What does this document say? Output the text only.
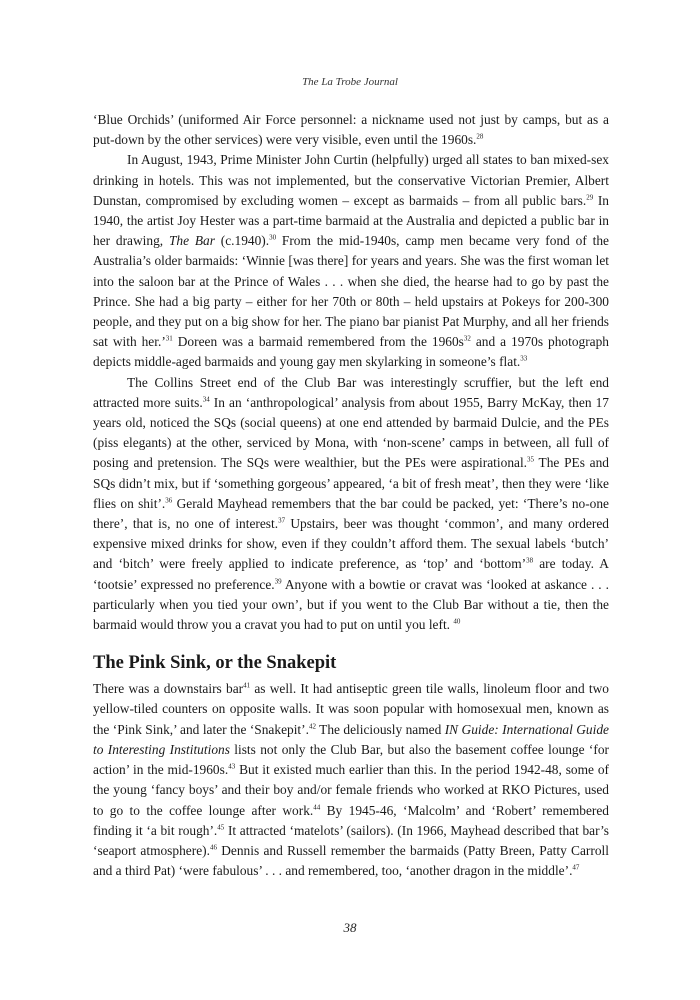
The La Trobe Journal

‘Blue Orchids’ (uniformed Air Force personnel: a nickname used not just by camps, but as a put-down by the other services) were very visible, even until the 1960s.$^{28}$

In August, 1943, Prime Minister John Curtin (helpfully) urged all states to ban mixed-sex drinking in hotels. This was not implemented, but the conservative Victorian Premier, Albert Dunstan, compromised by excluding women – except as barmaids – from all public bars.$^{29}$ In 1940, the artist Joy Hester was a part-time barmaid at the Australia and depicted a public bar in her drawing, The Bar (c.1940).$^{30}$ From the mid-1940s, camp men became very fond of the Australia’s older barmaids: ‘Winnie [was there] for years and years. She was the first woman let into the saloon bar at the Prince of Wales . . . when she died, the hearse had to go by past the Prince. She had a big party – either for her 70th or 80th – held upstairs at Pokeys for 200-300 people, and they put on a big show for her. The piano bar pianist Pat Murphy, and all her friends sat with her.’$^{31}$ Doreen was a barmaid remembered from the $1960s^{32}$ and a 1970s photograph depicts middle-aged barmaids and young gay men skylarking in someone’s flat.$^{33}$

The Collins Street end of the Club Bar was interestingly scruffier, but the left end attracted more suits.$^{34}$ In an ‘anthropological’ analysis from about 1955, Barry McKay, then 17 years old, noticed the SQs (social queens) at one end attended by barmaid Dulcie, and the PEs (piss elegants) at the other, serviced by Mona, with ‘non-scene’ camps in between, all full of posing and pretension. The SQs were wealthier, but the PEs were aspirational.$^{35}$ The PEs and SQs didn’t mix, but if ‘something gorgeous’ appeared, ‘a bit of fresh meat’, then they were ‘like flies on shit’.$^{36}$ Gerald Mayhead remembers that the bar could be packed, yet: ‘There’s no-one there’, that is, no one of interest.$^{37}$ Upstairs, beer was thought ‘common’, and many ordered expensive mixed drinks for show, even if they couldn’t afford them. The sexual labels ‘butch’ and ‘bitch’ were freely applied to indicate preference, as ‘top’ and ‘bottom’$^{38}$ are today. A ‘tootsie’ expressed no preference.$^{39}$ Anyone with a bowtie or cravat was ‘looked at askance . . . particularly when you tied your own’, but if you went to the Club Bar without a tie, then the barmaid would throw you a cravat you had to put on until you left. $^{40}$

The Pink Sink, or the Snakepit

There was a downstairs bar$^{41}$ as well. It had antiseptic green tile walls, linoleum floor and two yellow-tiled counters on opposite walls. It was soon popular with homosexual men, known as the ‘Pink Sink,’ and later the ‘Snakepit’.$^{42}$ The deliciously named IN Guide: International Guide to Interesting Institutions lists not only the Club Bar, but also the basement coffee lounge ‘for action’ in the mid-1960s.$^{43}$ But it existed much earlier than this. In the period 1942-48, some of the young ‘fancy boys’ and their boy and/or female friends who worked at RKO Pictures, used to go to the coffee lounge after work.$^{44}$ By 1945-46, ‘Malcolm’ and ‘Robert’ remembered finding it ‘a bit rough’.$^{45}$ It attracted ‘matelots’ (sailors). (In 1966, Mayhead described that bar’s ‘seaport atmosphere).$^{46}$ Dennis and Russell remember the barmaids (Patty Breen, Patty Carroll and a third Pat) ‘were fabulous’ . . . and remembered, too, ‘another dragon in the middle’.$^{47}$

38
